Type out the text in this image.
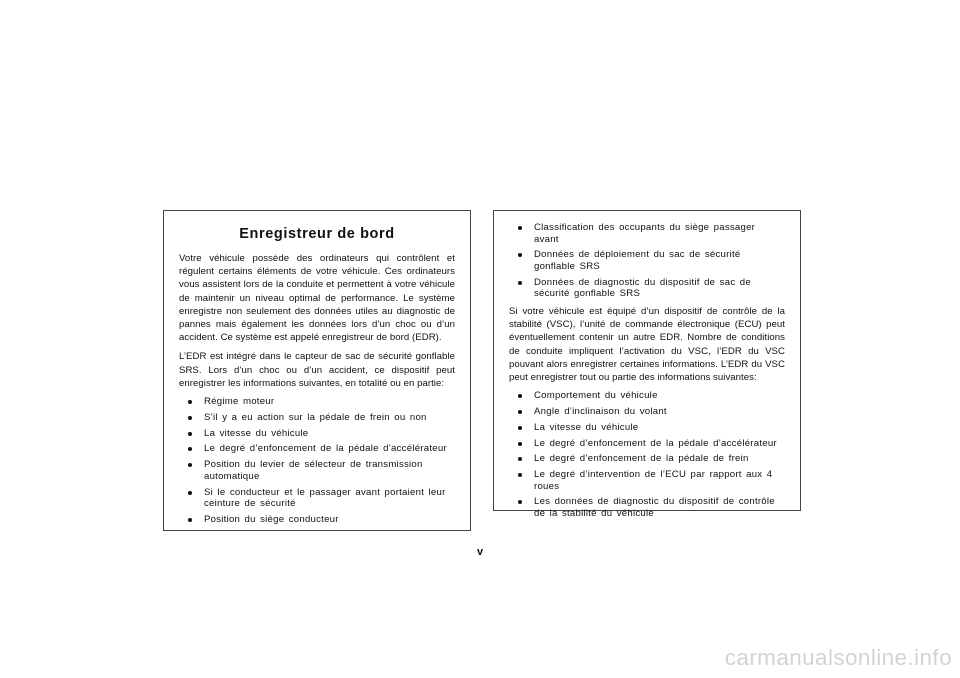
Enregistreur de bord

Votre véhicule possède des ordinateurs qui contrôlent et régulent certains éléments de votre véhicule. Ces ordinateurs vous assistent lors de la conduite et permettent à votre véhicule de maintenir un niveau optimal de performance. Le système enregistre non seulement des données utiles au diagnostic de pannes mais également les données lors d’un choc ou d’un accident. Ce système est appelé enregistreur de bord (EDR).

L’EDR est intégré dans le capteur de sac de sécurité gonflable SRS. Lors d’un choc ou d’un accident, ce dispositif peut enregistrer les informations suivantes, en totalité ou en partie:

Régime moteur
S’il y a eu action sur la pédale de frein ou non
La vitesse du véhicule
Le degré d’enfoncement de la pédale d’accélérateur
Position du levier de sélecteur de transmission automatique
Si le conducteur et le passager avant portaient leur ceinture de sécurité
Position du siège conducteur
Classification des occupants du siège passager avant
Données de déploiement du sac de sécurité gonflable SRS
Données de diagnostic du dispositif de sac de sécurité gonflable SRS

Si votre véhicule est équipé d’un dispositif de contrôle de la stabilité (VSC), l’unité de commande électronique (ECU) peut éventuellement contenir un autre EDR. Nombre de conditions de conduite impliquent l’activation du VSC, l’EDR du VSC pouvant alors enregistrer certaines informations. L’EDR du VSC peut enregistrer tout ou partie des informations suivantes:

Comportement du véhicule
Angle d’inclinaison du volant
La vitesse du véhicule
Le degré d’enfoncement de la pédale d’accélérateur
Le degré d’enfoncement de la pédale de frein
Le degré d’intervention de l’ECU par rapport aux 4 roues
Les données de diagnostic du dispositif de contrôle de la stabilité du véhicule
v
carmanualsonline.info
